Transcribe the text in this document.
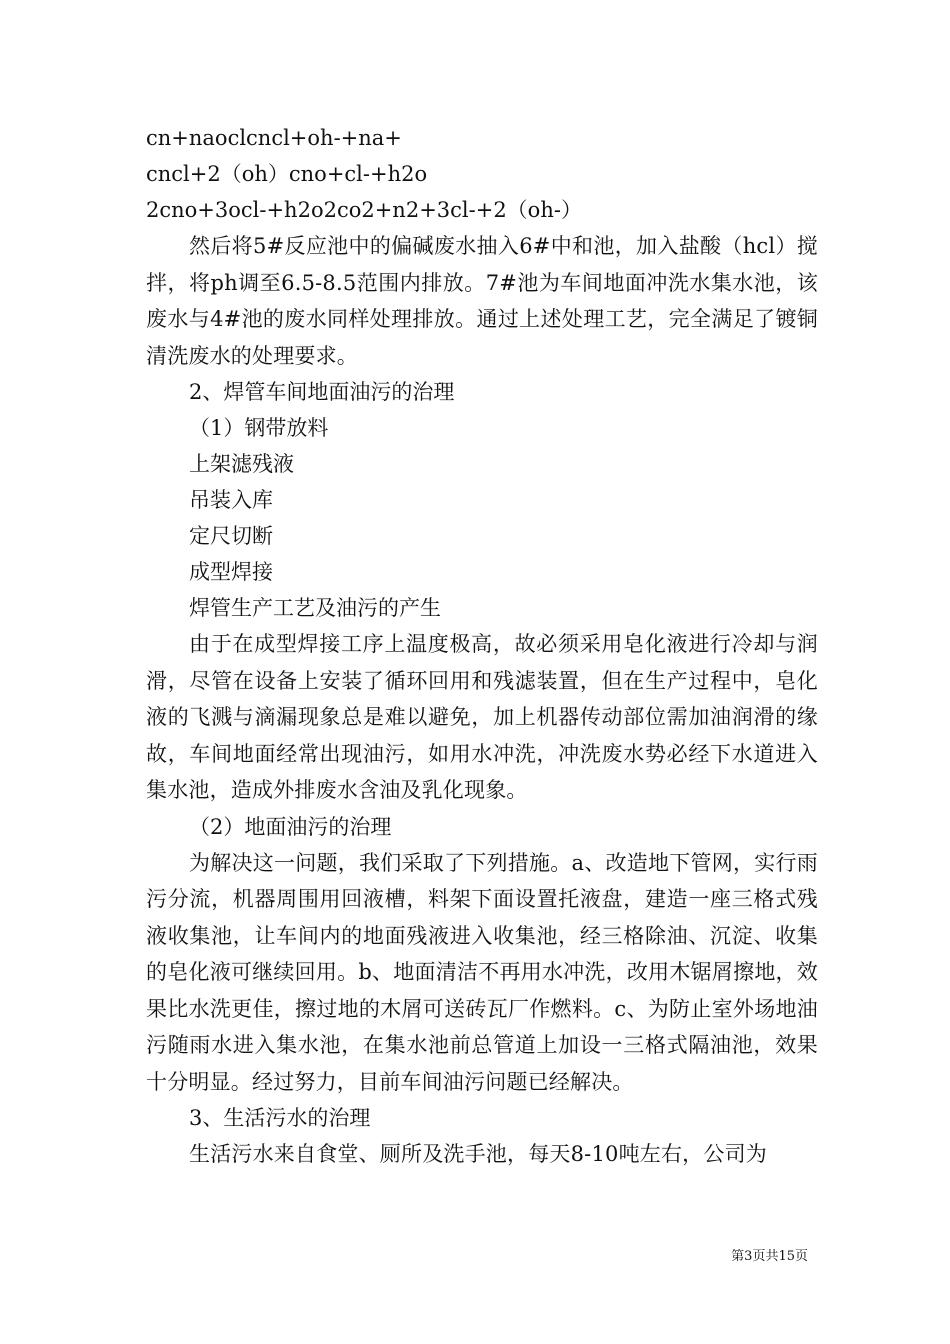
cn+naoclcncl+oh-+na+
cncl+2（oh）cno+cl-+h2o
2cno+3ocl-+h2o2co2+n2+3cl-+2（oh-）
然后将5#反应池中的偏碱废水抽入6#中和池，加入盐酸（hcl）搅拌，将ph调至6.5-8.5范围内排放。7#池为车间地面冲洗水集水池，该废水与4#池的废水同样处理排放。通过上述处理工艺，完全满足了镀铜清洗废水的处理要求。
2、焊管车间地面油污的治理
（1）钢带放料
上架滤残液
吊装入库
定尺切断
成型焊接
焊管生产工艺及油污的产生
由于在成型焊接工序上温度极高，故必须采用皂化液进行冷却与润滑，尽管在设备上安装了循环回用和残滤装置，但在生产过程中，皂化液的飞溅与滴漏现象总是难以避免，加上机器传动部位需加油润滑的缘故，车间地面经常出现油污，如用水冲洗，冲洗废水势必经下水道进入集水池，造成外排废水含油及乳化现象。
（2）地面油污的治理
为解决这一问题，我们采取了下列措施。a、改造地下管网，实行雨污分流，机器周围用回液槽，料架下面设置托液盘，建造一座三格式残液收集池，让车间内的地面残液进入收集池，经三格除油、沉淀、收集的皂化液可继续回用。b、地面清洁不再用水冲洗，改用木锯屑擦地，效果比水洗更佳，擦过地的木屑可送砖瓦厂作燃料。c、为防止室外场地油污随雨水进入集水池，在集水池前总管道上加设一三格式隔油池，效果十分明显。经过努力，目前车间油污问题已经解决。
3、生活污水的治理
生活污水来自食堂、厕所及洗手池，每天8-10吨左右，公司为
第3页共15页
